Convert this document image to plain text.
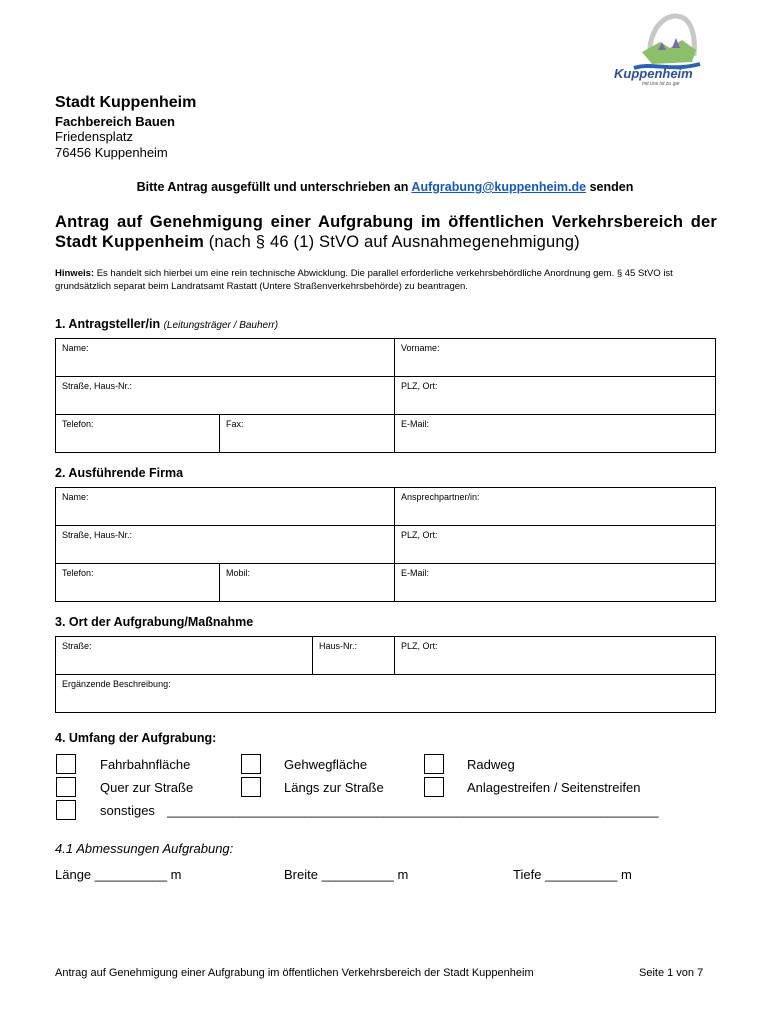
Kuppenheim
mit uns ist zu gar
Stadt Kuppenheim
Fachbereich Bauen
Friedensplatz
76456 Kuppenheim
Bitte Antrag ausgefüllt und unterschrieben an Aufgrabung@kuppenheim.de senden
Antrag auf Genehmigung einer Aufgrabung im öffentlichen Verkehrsbereich der Stadt Kuppenheim (nach § 46 (1) StVO auf Ausnahmegenehmigung)
Hinweis: Es handelt sich hierbei um eine rein technische Abwicklung. Die parallel erforderliche verkehrsbehördliche Anordnung gem. § 45 StVO ist grundsätzlich separat beim Landratsamt Rastatt (Untere Straßenverkehrsbehörde) zu beantragen.
1. Antragsteller/in (Leitungsträger / Bauherr)
Name:		Vorname:
Straße, Haus-Nr.:		PLZ, Ort:
Telefon:	Fax:	E-Mail:
2. Ausführende Firma
Name:		Ansprechpartner/in:
Straße, Haus-Nr.:		PLZ, Ort:
Telefon:	Mobil:	E-Mail:
3. Ort der Aufgrabung/Maßnahme
Straße:	Haus-Nr.:	PLZ, Ort:
Ergänzende Beschreibung:
4. Umfang der Aufgrabung:
Fahrbahnfläche	Gehwegfläche	Radweg
Quer zur Straße	Längs zur Straße	Anlagestreifen / Seitenstreifen
sonstiges ____________________________________________________________________
4.1 Abmessungen Aufgrabung:
Länge __________ m	Breite __________ m	Tiefe __________ m
Antrag auf Genehmigung einer Aufgrabung im öffentlichen Verkehrsbereich der Stadt Kuppenheim	Seite 1 von 7
